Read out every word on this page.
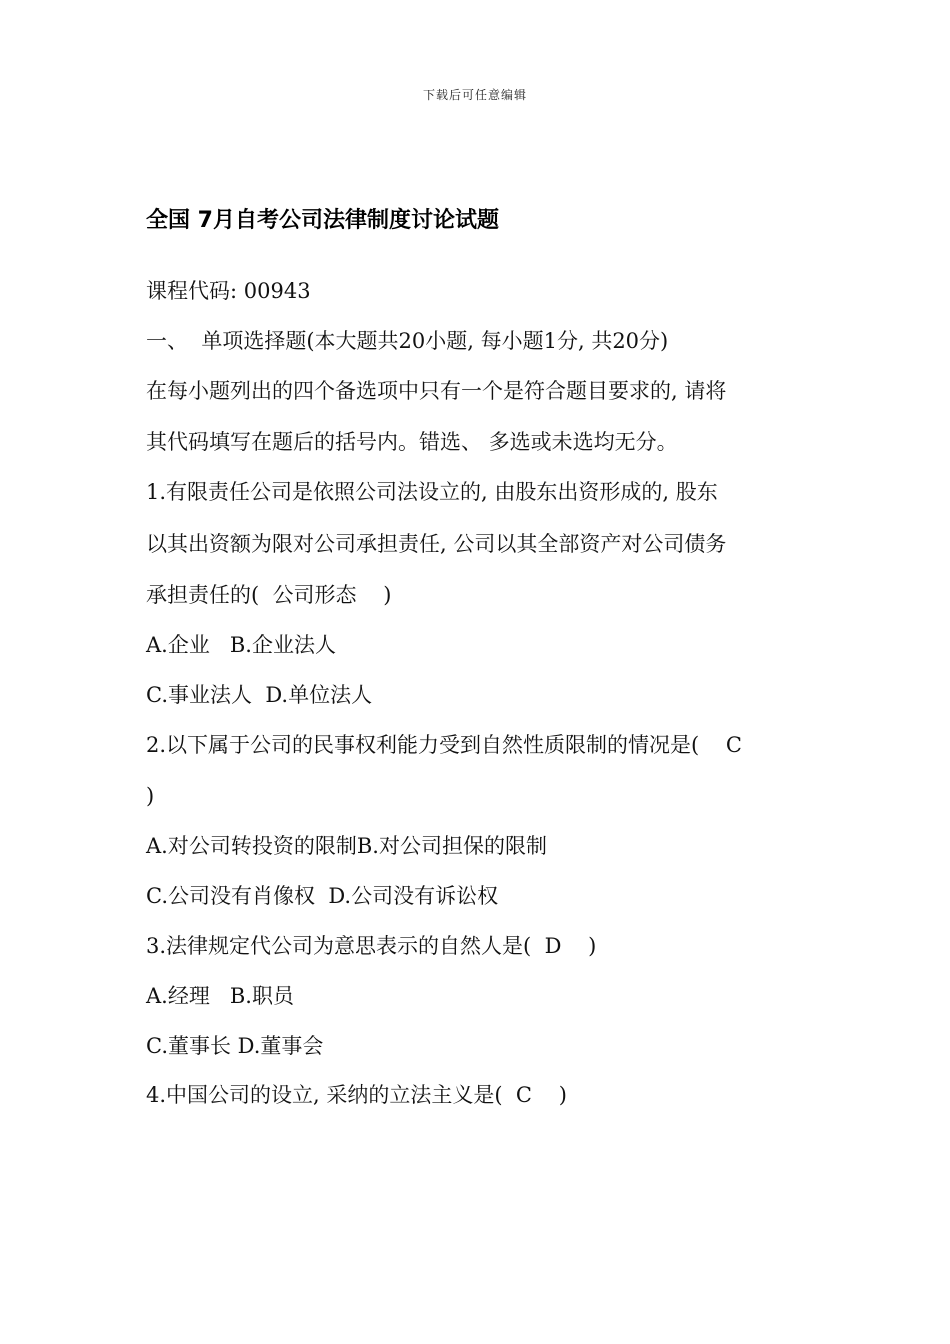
下载后可任意编辑
全国 7月自考公司法律制度讨论试题
课程代码: 00943
一、  单项选择题(本大题共20小题, 每小题1分, 共20分)
在每小题列出的四个备选项中只有一个是符合题目要求的, 请将
其代码填写在题后的括号内。错选、 多选或未选均无分。
1.有限责任公司是依照公司法设立的, 由股东出资形成的, 股东
以其出资额为限对公司承担责任, 公司以其全部资产对公司债务
承担责任的(  公司形态    )
A.企业   B.企业法人
C.事业法人  D.单位法人
2.以下属于公司的民事权利能力受到自然性质限制的情况是(    C
)
A.对公司转投资的限制B.对公司担保的限制
C.公司没有肖像权  D.公司没有诉讼权
3.法律规定代公司为意思表示的自然人是(  D    )
A.经理   B.职员
C.董事长 D.董事会
4.中国公司的设立, 采纳的立法主义是(  C    )
